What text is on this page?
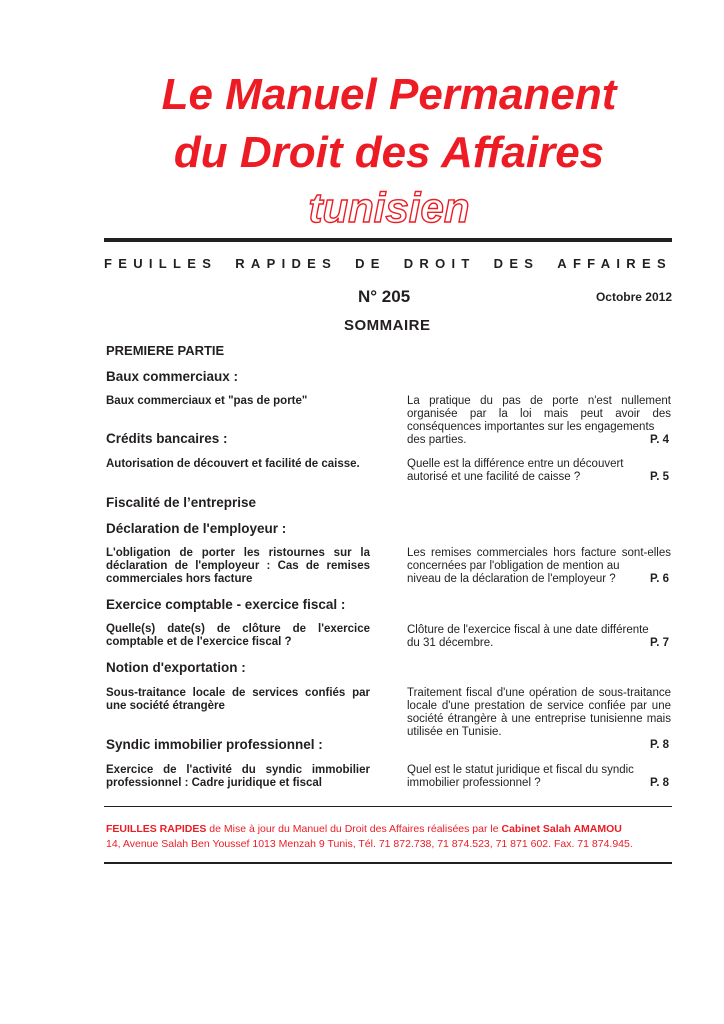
Le Manuel Permanent
du Droit des Affaires
tunisien
FEUILLES RAPIDES DE DROIT DES AFFAIRES
N° 205	Octobre 2012
SOMMAIRE
PREMIERE PARTIE
Baux commerciaux :
Baux commerciaux et "pas de porte"	La pratique du pas de porte n'est nullement organisée par la loi mais peut avoir des conséquences importantes sur les engagements
des parties.	P. 4
Crédits bancaires :
Autorisation de découvert et facilité de caisse.	Quelle est la différence entre un découvert
autorisé et une facilité de caisse ?	P. 5
Fiscalité de l’entreprise
Déclaration de l'employeur :
L'obligation de porter les ristournes sur la déclaration de l'employeur : Cas de remises commerciales hors facture
Les remises commerciales hors facture sont-elles concernées par l'obligation de mention au
niveau de la déclaration de l'employeur ?	P. 6
Exercice comptable - exercice fiscal :
Quelle(s) date(s) de clôture de l'exercice comptable et de l'exercice fiscal ?
Clôture de l'exercice fiscal à une date différente
du 31 décembre.	P. 7
Notion d'exportation :
Sous-traitance locale de services confiés par une société étrangère
Traitement fiscal d'une opération de sous-traitance locale d'une prestation de service confiée par une société étrangère à une entreprise tunisienne mais utilisée en Tunisie.
P. 8
Syndic immobilier professionnel :
Exercice de l'activité du syndic immobilier professionnel : Cadre juridique et fiscal
Quel est le statut juridique et fiscal du syndic
immobilier professionnel ?	P. 8
FEUILLES RAPIDES de Mise à jour du Manuel du Droit des Affaires réalisées par le Cabinet Salah AMAMOU
14, Avenue Salah Ben Youssef 1013 Menzah 9 Tunis, Tél. 71 872.738, 71 874.523, 71 871 602. Fax. 71 874.945.
